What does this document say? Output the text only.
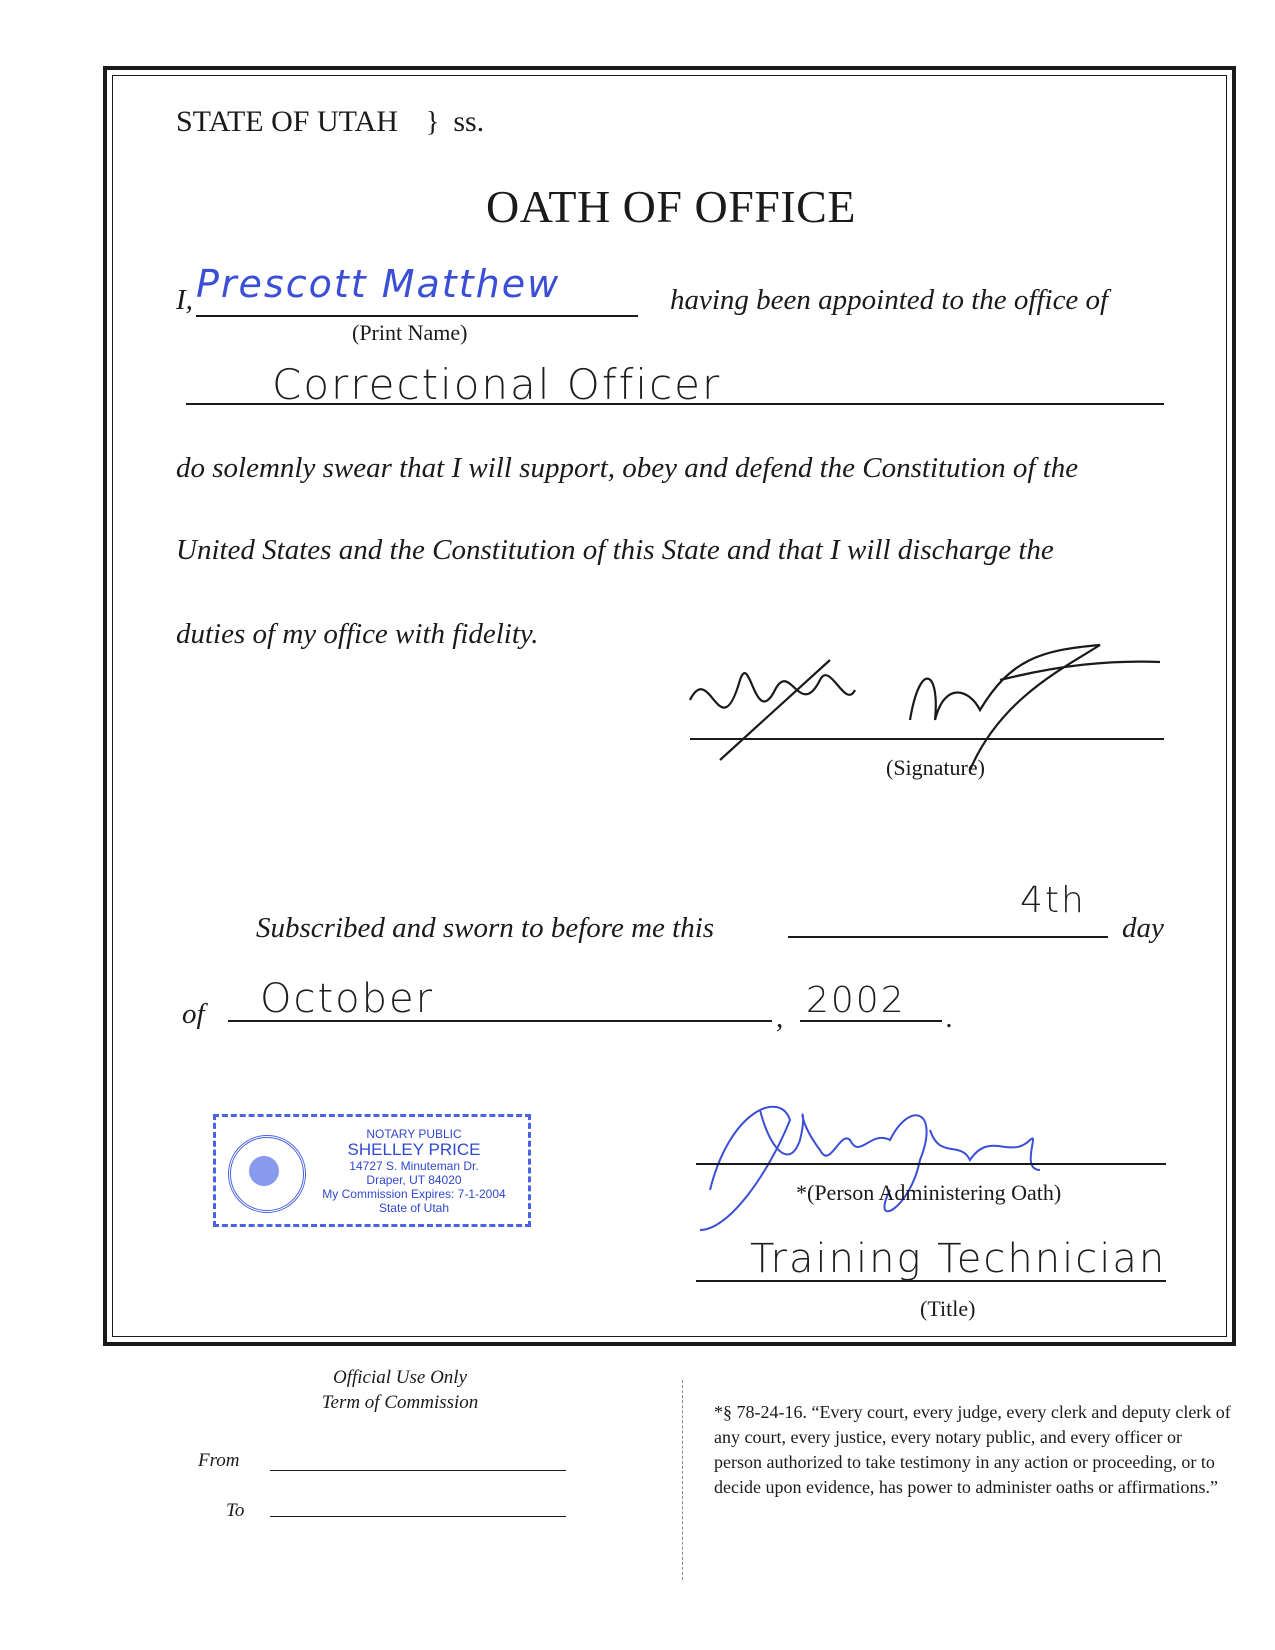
STATE OF UTAH } ss.
OATH OF OFFICE
I, Prescott Matthew
(Print Name)
having been appointed to the office of
Correctional Officer
do solemnly swear that I will support, obey and defend the Constitution of the
United States and the Constitution of this State and that I will discharge the
duties of my office with fidelity.
(Signature)
Subscribed and sworn to before me this
4th
day
of October	, 2002 .
NOTARY PUBLIC
SHELLEY PRICE
14727 S. Minuteman Dr.
Draper, UT 84020
My Commission Expires: 7-1-2004
State of Utah
*(Person Administering Oath)
Training Technician
(Title)
Official Use Only
Term of Commission
From
To
*§ 78-24-16. “Every court, every judge, every clerk and deputy clerk of any court, every justice, every notary public, and every officer or person authorized to take testimony in any action or proceeding, or to decide upon evidence, has power to administer oaths or affirmations.”
